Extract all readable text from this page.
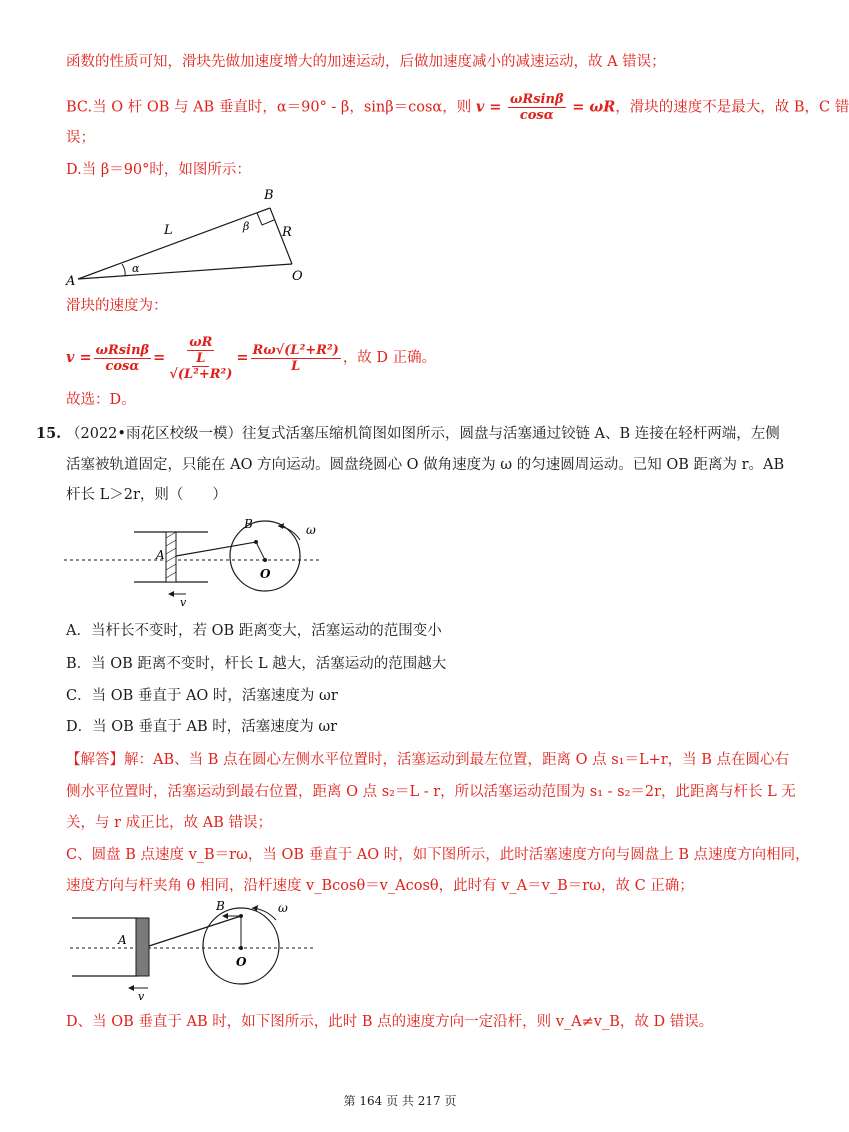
函数的性质可知，滑块先做加速度增大的加速运动，后做加速度减小的减速运动，故 A 错误；
BC.当 O 杆 OB 与 AB 垂直时，α＝90° - β，sinβ＝cosα，则 $v = \frac{\omega Rsin\beta}{\cos\alpha} = \omega R$，滑块的速度不是最大，故 B，C 错
误；
D.当 β＝90°时，如图所示：
A
B
O
L	R
α
β
滑块的速度为：
$v = \frac{\omega Rsin\beta}{\cos\alpha} = \omega R$
L
$√(L^2+R^2) = \frac{\text{Rω√(L²+R²)}}{L}$ ，故 D 正确。
故选：D。
15. （2022•雨花区校级一模）往复式活塞压缩机简图如图所示，圆盘与活塞通过铰链 A、B 连接在轻杆两端，左侧
活塞被轨道固定，只能在 AO 方向运动。圆盘绕圆心 O 做角速度为 ω 的匀速圆周运动。已知 OB 距离为 r。AB
杆长 L＞2r，则（　　）
A
B
O
v
ω
A．当杆长不变时，若 OB 距离变大，活塞运动的范围变小
B．当 OB 距离不变时，杆长 L 越大，活塞运动的范围越大
C．当 OB 垂直于 AO 时，活塞速度为 ωr
D．当 OB 垂直于 AB 时，活塞速度为 ωr
【解答】解：AB、当 B 点在圆心左侧水平位置时，活塞运动到最左位置，距离 O 点 s₁＝L+r，当 B 点在圆心右
侧水平位置时，活塞运动到最右位置，距离 O 点 s₂＝L - r，所以活塞运动范围为 s₁ - s₂＝2r，此距离与杆长 L 无
关，与 r 成正比，故 AB 错误；
C、圆盘 B 点速度 v_B＝rω，当 OB 垂直于 AO 时，如下图所示，此时活塞速度方向与圆盘上 B 点速度方向相同，
速度方向与杆夹角 θ 相同，沿杆速度 v_Bcosθ＝v_Acosθ，此时有 v_A＝v_B＝rω，故 C 正确；
A
B
O
v
ω
D、当 OB 垂直于 AB 时，如下图所示，此时 B 点的速度方向一定沿杆，则 v_A≠v_B，故 D 错误。
第 164 页 共 217 页
